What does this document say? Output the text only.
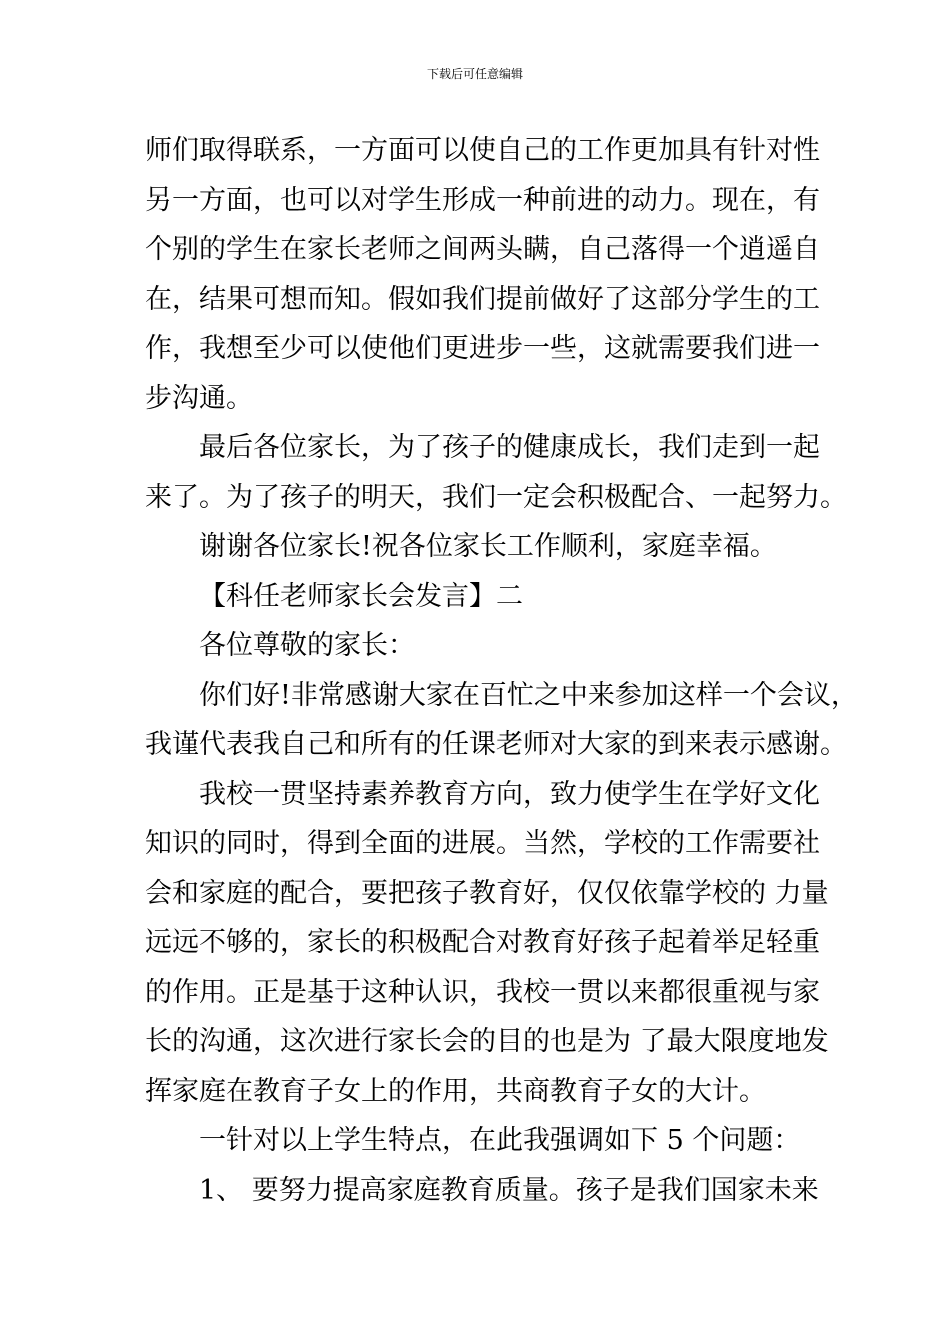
下载后可任意编辑
师们取得联系，一方面可以使自己的工作更加具有针对性
另一方面，也可以对学生形成一种前进的动力。现在，有
个别的学生在家长老师之间两头瞒，自己落得一个逍遥自
在，结果可想而知。假如我们提前做好了这部分学生的工
作，我想至少可以使他们更进步一些，这就需要我们进一
步沟通。
最后各位家长，为了孩子的健康成长，我们走到一起
来了。为了孩子的明天，我们一定会积极配合、一起努力。
谢谢各位家长!祝各位家长工作顺利，家庭幸福。
【科任老师家长会发言】二
各位尊敬的家长：
你们好!非常感谢大家在百忙之中来参加这样一个会议，
我谨代表我自己和所有的任课老师对大家的到来表示感谢。
我校一贯坚持素养教育方向，致力使学生在学好文化
知识的同时，得到全面的进展。当然，学校的工作需要社
会和家庭的配合，要把孩子教育好，仅仅依靠学校的 力量
远远不够的，家长的积极配合对教育好孩子起着举足轻重
的作用。正是基于这种认识，我校一贯以来都很重视与家
长的沟通，这次进行家长会的目的也是为 了最大限度地发
挥家庭在教育子女上的作用，共商教育子女的大计。
一针对以上学生特点，在此我强调如下 5 个问题：
1、 要努力提高家庭教育质量。孩子是我们国家未来
